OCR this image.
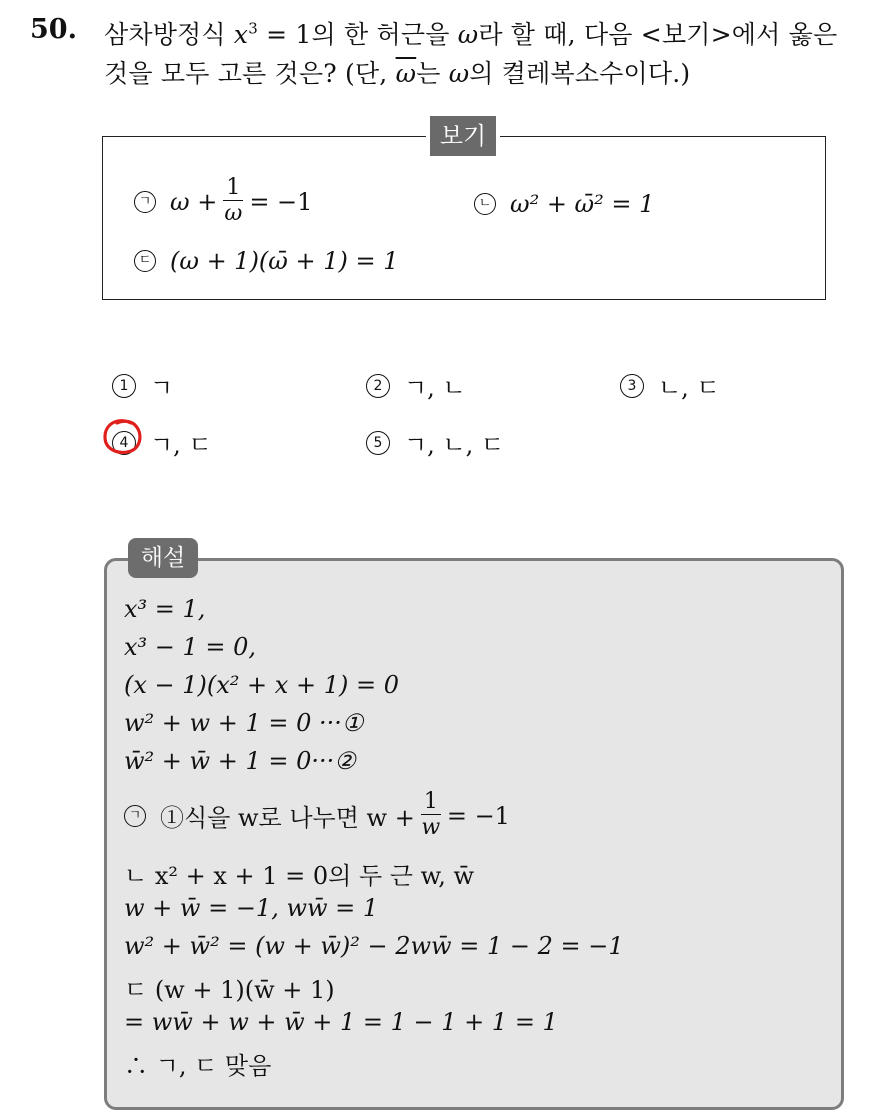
50. 삼차방정식 $x^3 = 1$의 한 허근을 ω라 할 때, 다음 <보기>에서 옳은
것을 모두 고른 것은? (단, $\overline{\omega}$는 ω의 켤레복소수이다.)
보기
ㄱ $\omega + \frac{1}{\omega} = -1$	ㄴ ω² + ω̄² = 1
ㄷ (ω + 1)(ω̄ + 1) = 1
1 ㄱ	2 ㄱ, ㄴ	3 ㄴ, ㄷ
4 ㄱ, ㄷ	5 ㄱ, ㄴ, ㄷ
해설
x³ = 1,
x³ − 1 = 0,
(x − 1)(x² + x + 1) = 0
w² + w + 1 = 0 ···①
w̄² + w̄ + 1 = 0···②
ㄱ ①식을 w로 나누면 $w + \frac{1}{w} = -1$
ㄴ x² + x + 1 = 0의 두 근 w, w̄
w + w̄ = −1, ww̄ = 1
w² + w̄² = (w + w̄)² − 2ww̄ = 1 − 2 = −1
ㄷ (w + 1)(w̄ + 1)
= ww̄ + w + w̄ + 1 = 1 − 1 + 1 = 1
∴ ㄱ, ㄷ 맞음
